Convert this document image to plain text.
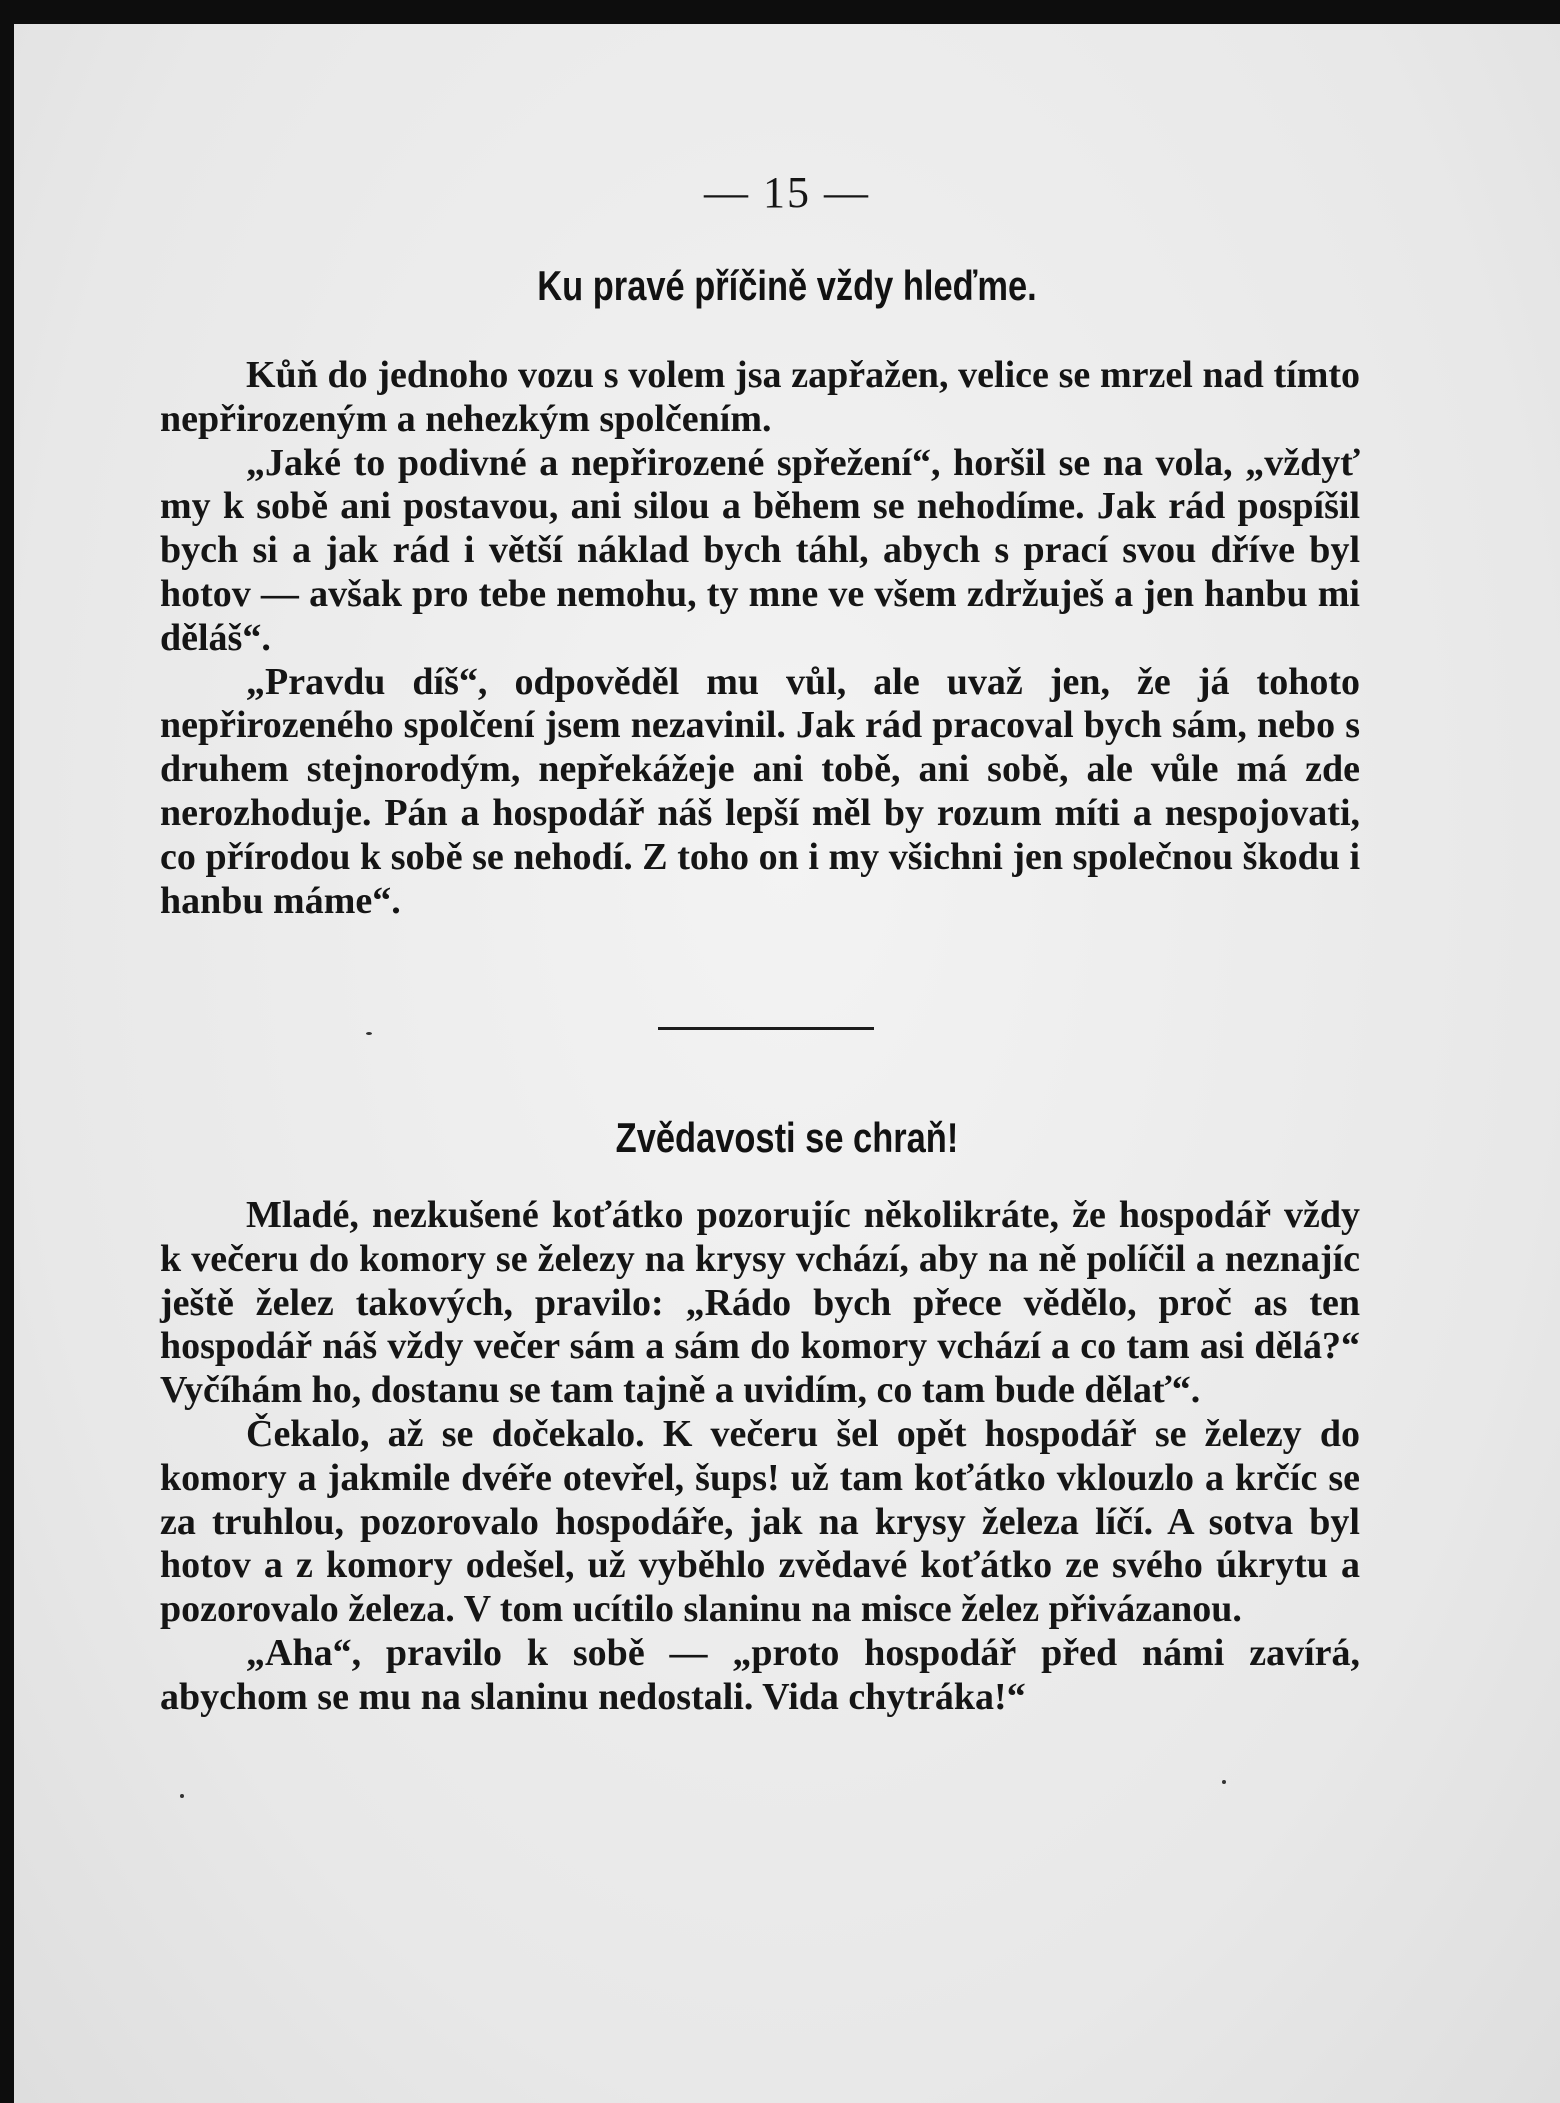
— 15 —
Ku pravé příčině vždy hleďme.

Kůň do jednoho vozu s volem jsa zapřažen, velice se mrzel nad tímto nepřirozeným a nehezkým spolčením.

„Jaké to podivné a nepřirozené spřežení“, horšil se na vola, „vždyť my k sobě ani postavou, ani silou a během se nehodíme. Jak rád pospíšil bych si a jak rád i větší náklad bych táhl, abych s prací svou dříve byl hotov — avšak pro tebe nemohu, ty mne ve všem zdržuješ a jen hanbu mi děláš“.

„Pravdu díš“, odpověděl mu vůl, ale uvaž jen, že já tohoto nepřirozeného spolčení jsem nezavinil. Jak rád pracoval bych sám, nebo s druhem stejnorodým, nepřekážeje ani tobě, ani sobě, ale vůle má zde nerozhoduje. Pán a hospodář náš lepší měl by rozum míti a nespojovati, co přírodou k sobě se nehodí. Z toho on i my všichni jen společnou škodu i hanbu máme“.

Zvědavosti se chraň!

Mladé, nezkušené koťátko pozorujíc několikráte, že hospodář vždy k večeru do komory se železy na krysy vchází, aby na ně políčil a neznajíc ještě želez takových, pravilo: „Rádo bych přece vědělo, proč as ten hospodář náš vždy večer sám a sám do komory vchází a co tam asi dělá?“ Vyčíhám ho, dostanu se tam tajně a uvidím, co tam bude dělať“.

Čekalo, až se dočekalo. K večeru šel opět hospodář se železy do komory a jakmile dvéře otevřel, šups! už tam koťátko vklouzlo a krčíc se za truhlou, pozorovalo hospodáře, jak na krysy železa líčí. A sotva byl hotov a z komory odešel, už vyběhlo zvědavé koťátko ze svého úkrytu a pozorovalo železa. V tom ucítilo slaninu na misce želez přivázanou.

„Aha“, pravilo k sobě — „proto hospodář před námi zavírá, abychom se mu na slaninu nedostali. Vida chytráka!“
